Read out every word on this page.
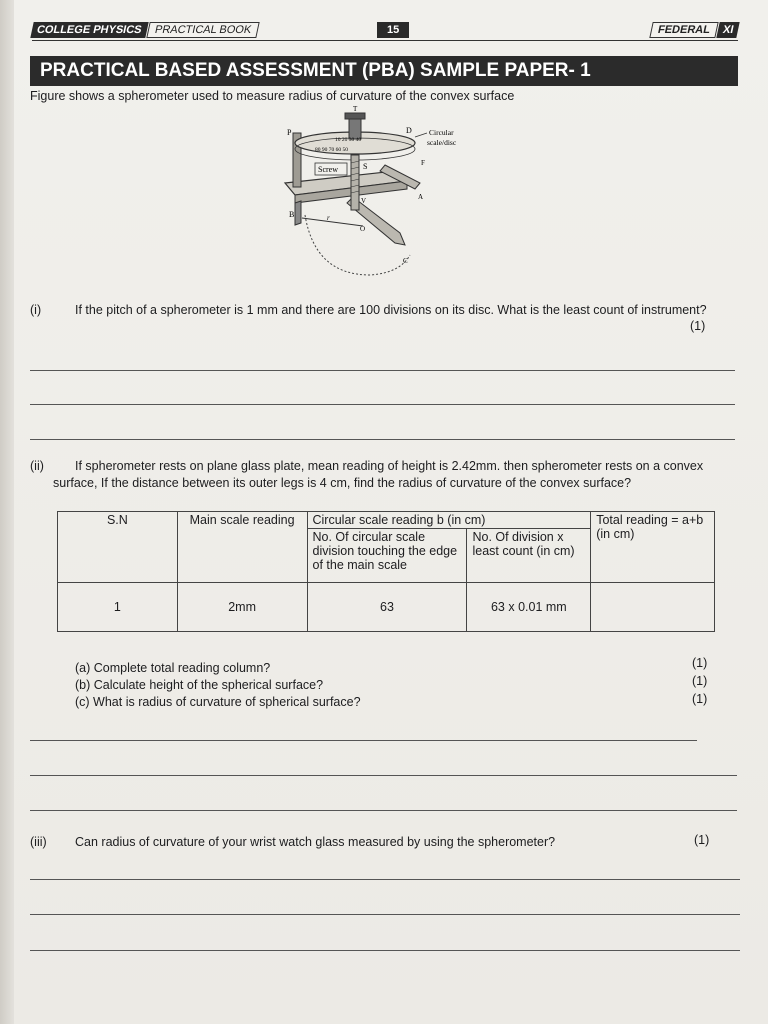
COLLEGE PHYSICS PRACTICAL BOOK	15	FEDERAL XI
PRACTICAL BASED ASSESSMENT (PBA) SAMPLE PAPER- 1
Figure shows a spherometer used to measure radius of curvature of the convex surface
Screw	S
P	D
F
A
B
C
O
V
r
T
10 20 30 40
80 90 70 60 50
Circular
scale/disc
(i)	If the pitch of a spherometer is 1 mm and there are 100 divisions on its disc. What is the least count of instrument?
(1)
(ii)	If spherometer rests on plane glass plate, mean reading of height is 2.42mm. then spherometer rests on a convex surface, If the distance between its outer legs is 4 cm, find the radius of curvature of the convex surface?
S.N	Main scale reading	Circular scale reading b (in cm)		Total reading = a+b (in cm)
		No. Of circular scale division touching the edge of the main scale	No. Of division x least count (in cm)	
1	2mm	63	63 x 0.01 mm	
(a) Complete total reading column?	(1)
(b) Calculate height of the spherical surface?	(1)
(c) What is radius of curvature of spherical surface?	(1)
(iii)	Can radius of curvature of your wrist watch glass measured by using the spherometer?	(1)
